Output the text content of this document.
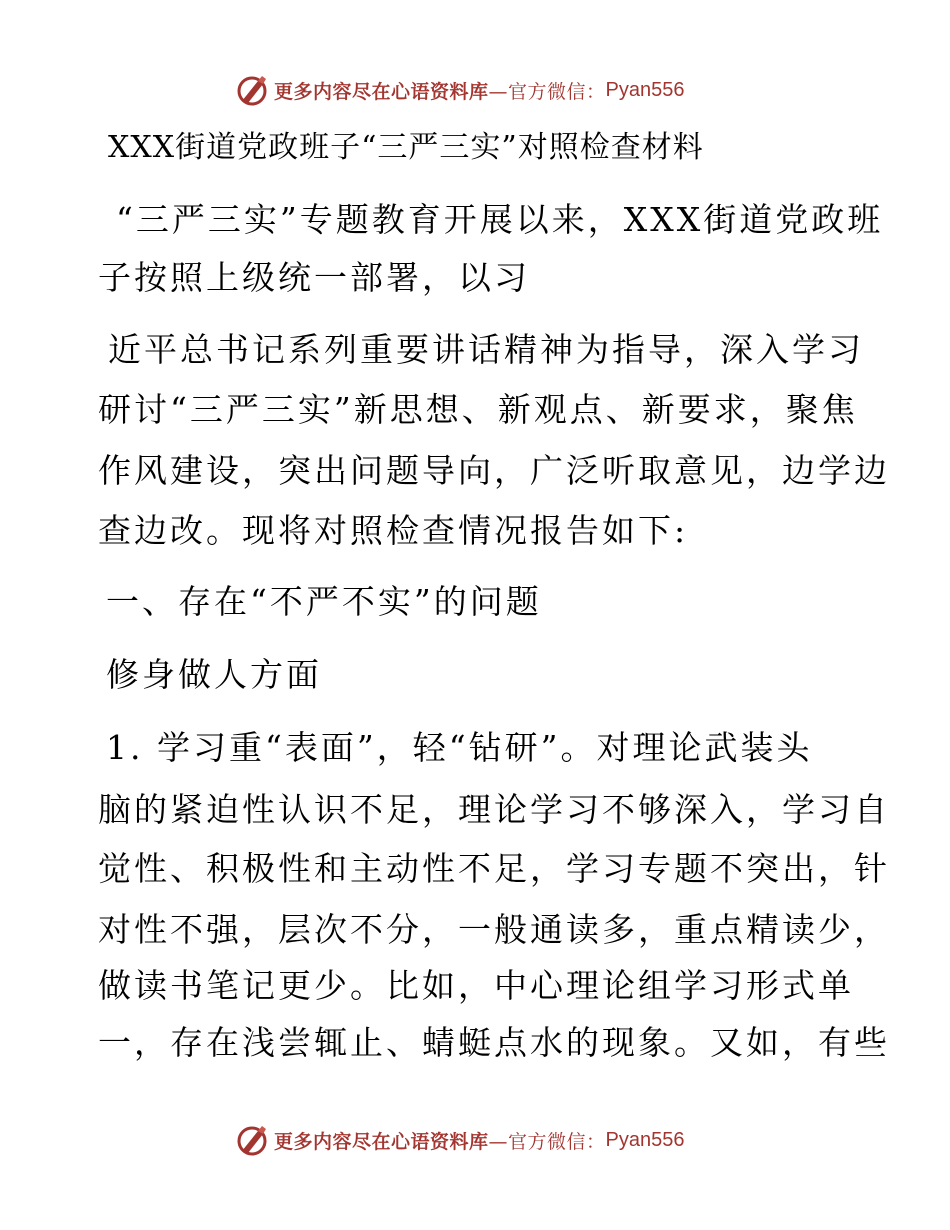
更多内容尽在心语资料库 —官方微信： Pyan556
XXX街道党政班子“三严三实”对照检查材料
“三严三实”专题教育开展以来，XXX街道党政班
子按照上级统一部署，以习
近平总书记系列重要讲话精神为指导，深入学习
研讨“三严三实”新思想、新观点、新要求，聚焦
作风建设，突出问题导向，广泛听取意见，边学边
查边改。现将对照检查情况报告如下:
一、存在“不严不实”的问题
修身做人方面
1. 学习重“表面”，轻“钻研”。对理论武装头
脑的紧迫性认识不足，理论学习不够深入，学习自
觉性、积极性和主动性不足，学习专题不突出，针
对性不强，层次不分，一般通读多，重点精读少，
做读书笔记更少。比如，中心理论组学习形式单
一，存在浅尝辄止、蜻蜓点水的现象。又如，有些
更多内容尽在心语资料库 —官方微信： Pyan556
